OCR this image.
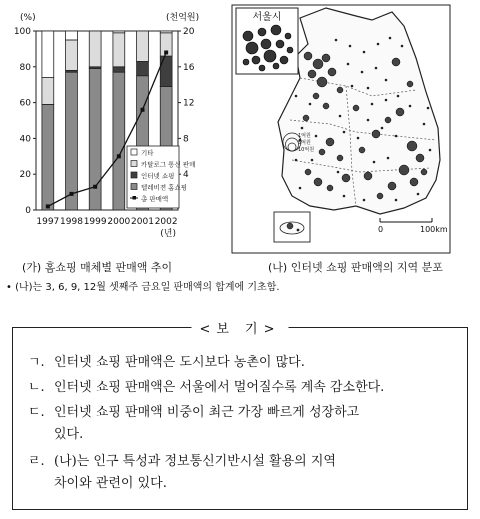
0
20
40
60
80
100
(%)
20
16
12
8
4
(천억원)
1997 1998 1999 2000 2001 2002
(년)
기타
카탈로그 통신 판매
인터넷 쇼핑
텔레비젼 홈쇼핑
총 판매액
서울시
1억원
5억원
10억원
0	100km
(가) 홈쇼핑 매체별 판매액 추이	(나) 인터넷 쇼핑 판매액의 지역 분포
• (나)는 3, 6, 9, 12월 셋째주 금요일 판매액의 합계에 기초함.
<보 기>
ㄱ. 인터넷 쇼핑 판매액은 도시보다 농촌이 많다.
ㄴ. 인터넷 쇼핑 판매액은 서울에서 멀어질수록 계속 감소한다.
ㄷ. 인터넷 쇼핑 판매액 비중이 최근 가장 빠르게 성장하고
있다.
ㄹ. (나)는 인구 특성과 정보통신기반시설 활용의 지역
차이와 관련이 있다.
